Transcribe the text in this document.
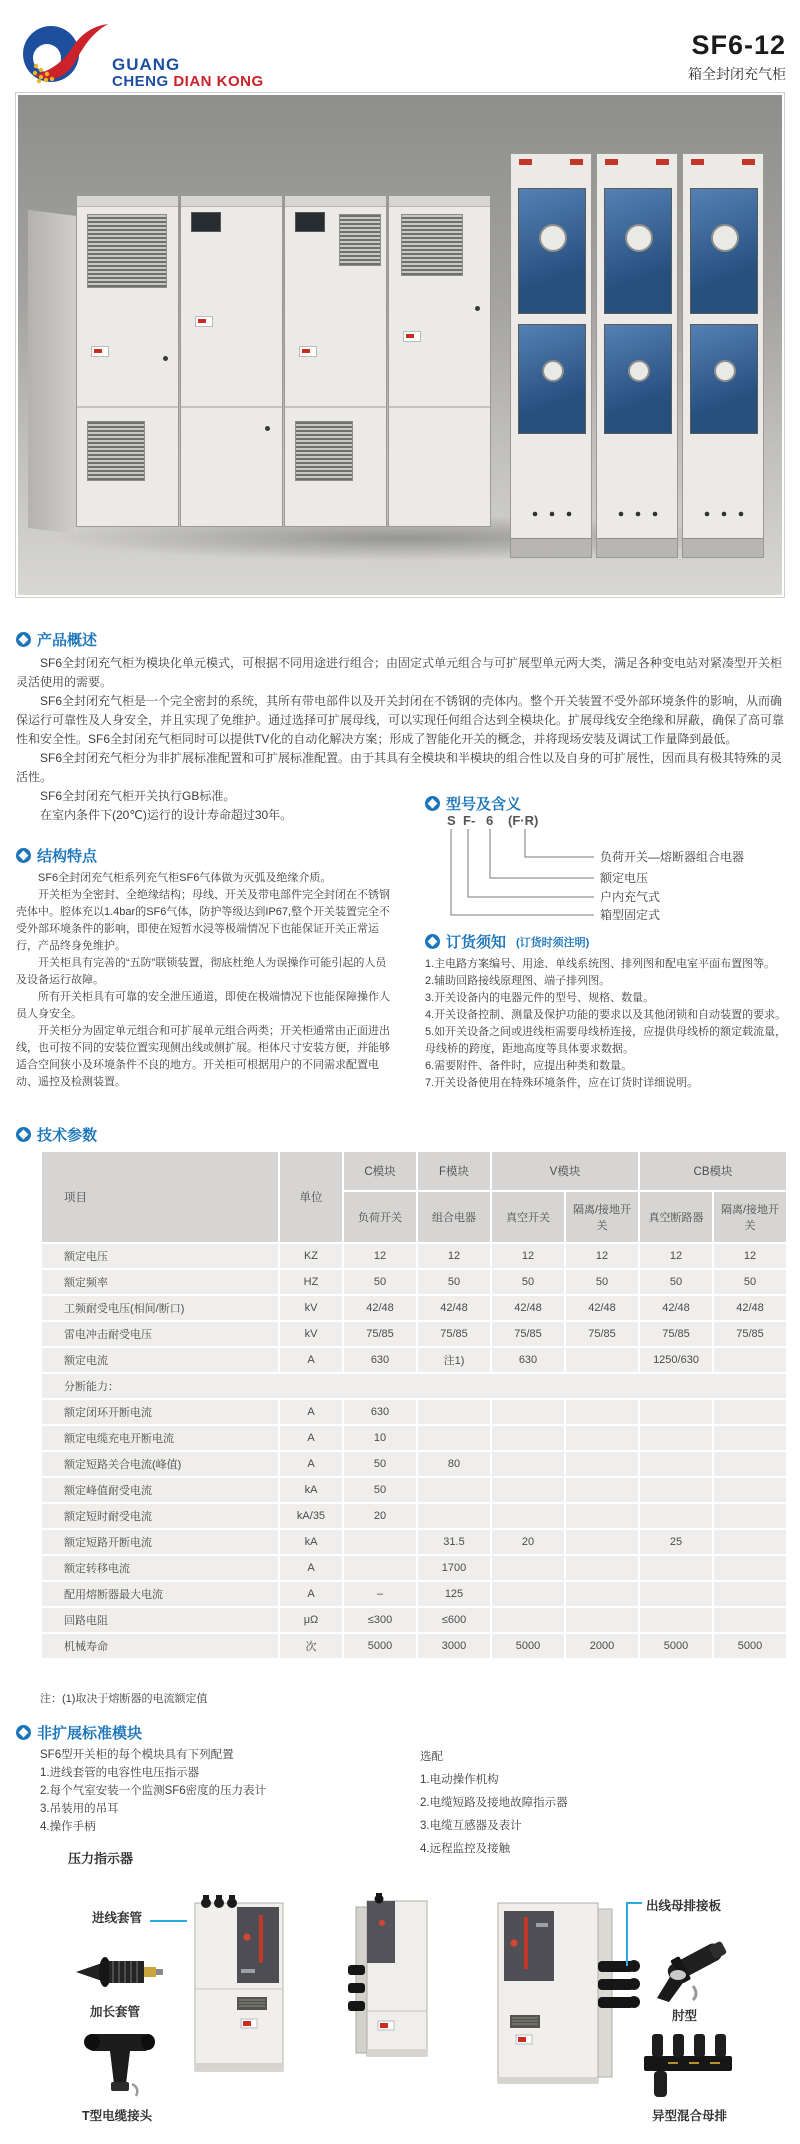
GUANG
CHENG DIAN KONG
SF6-12
箱全封闭充气柜
产品概述

SF6全封闭充气柜为模块化单元模式，可根据不同用途进行组合；由固定式单元组合与可扩展型单元两大类，满足各种变电站对紧凑型开关柜灵活使用的需要。

SF6全封闭充气柜是一个完全密封的系统，其所有带电部件以及开关封闭在不锈钢的壳体内。整个开关装置不受外部环境条件的影响，从而确保运行可靠性及人身安全，并且实现了免维护。通过选择可扩展母线，可以实现任何组合达到全模块化。扩展母线安全绝缘和屏蔽，确保了高可靠性和安全性。SF6全封闭充气柜同时可以提供TV化的自动化解决方案；形成了智能化开关的概念，并将现场安装及调试工作量降到最低。

SF6全封闭充气柜分为非扩展标准配置和可扩展标准配置。由于其具有全模块和半模块的组合性以及自身的可扩展性，因而具有极其特殊的灵活性。

SF6全封闭充气柜开关执行GB标准。

在室内条件下(20℃)运行的设计寿命超过30年。

结构特点

SF6全封闭充气柜系列充气柜SF6气体做为灭弧及绝缘介质。

开关柜为全密封、全绝缘结构；母线、开关及带电部件完全封闭在不锈钢壳体中。腔体充以1.4bar的SF6气体，防护等级达到IP67,整个开关装置完全不受外部环境条件的影响，即使在短暂水浸等极端情况下也能保证开关正常运行，产品终身免维护。

开关柜具有完善的“五防”联锁装置，彻底杜绝人为误操作可能引起的人员及设备运行故障。

所有开关柜具有可靠的安全泄压通道，即使在极端情况下也能保障操作人员人身安全。

开关柜分为固定单元组合和可扩展单元组合两类；开关柜通常由正面进出线，也可按不同的安装位置实现侧出线或侧扩展。柜体尺寸安装方便，并能够适合空间狭小及环境条件不良的地方。开关柜可根据用户的不同需求配置电动、遥控及检测装置。

型号及含义
S F- 6 (F·R)
负荷开关—熔断器组合电器
额定电压
户内充气式
箱型固定式
订货须知 (订货时须注明)
1.主电路方案编号、用途、单线系统图、排列图和配电室平面布置图等。
2.辅助回路接线原理图、端子排列图。
3.开关设备内的电器元件的型号、规格、数量。
4.开关设备控制、测量及保护功能的要求以及其他闭锁和自动装置的要求。
5.如开关设备之间或进线柜需要母线桥连接，应提供母线桥的额定载流量，母线桥的跨度，距地高度等具体要求数据。
6.需要附件、备件时，应提出种类和数量。
7.开关设备使用在特殊环境条件，应在订货时详细说明。
技术参数
项目	单位	C模块	F模块	V模块		CB模块	
		负荷开关	组合电器	真空开关	隔离/接地开关	真空断路器	隔离/接地开关
额定电压	KZ	12	12	12	12	12	12
额定频率	HZ	50	50	50	50	50	50
工频耐受电压(相间/断口)	kV	42/48	42/48	42/48	42/48	42/48	42/48
雷电冲击耐受电压	kV	75/85	75/85	75/85	75/85	75/85	75/85
额定电流	A	630	注1)	630		1250/630	
分断能力：							
额定闭环开断电流	A	630					
额定电缆充电开断电流	A	10					
额定短路关合电流(峰值)	A	50	80				
额定峰值耐受电流	kA	50					
额定短时耐受电流	kA/35	20					
额定短路开断电流	kA		31.5	20		25	
额定转移电流	A		1700				
配用熔断器最大电流	A	–	125				
回路电阻	μΩ	≤300	≤600				
机械寿命	次	5000	3000	5000	2000	5000	5000
注：(1)取决于熔断器的电流额定值
非扩展标准模块
SF6型开关柜的每个模块具有下列配置
1.进线套管的电容性电压指示器
2.每个气室安装一个监测SF6密度的压力表计
3.吊装用的吊耳
4.操作手柄
选配
1.电动操作机构
2.电缆短路及接地故障指示器
3.电缆互感器及表计
4.远程监控及接触
压力指示器
进线套管
加长套管
T型电缆接头
出线母排接板
肘型
异型混合母排
